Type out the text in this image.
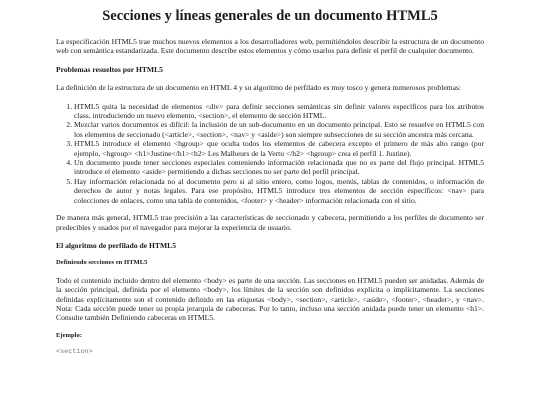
Secciones y líneas generales de un documento HTML5

La especificación HTML5 trae muchos nuevos elementos a los desarrolladores web, permitiéndoles describir la estructura de un documento web con semántica estandarizada. Este documento describe estos elementos y cómo usarlos para definir el perfil de cualquier documento.

Problemas resueltos por HTML5

La definición de la estructura de un documento en HTML 4 y su algoritmo de perfilado es muy tosco y genera numerosos problemas:

1. HTML5 quita la necesidad de elementos <div> para definir secciones semánticas sin definir valores específicos para los atributos class, introduciendo un nuevo elemento, <section>, el elemento de sección HTML.
2. Mezclar varios documentos es difícil: la inclusión de un sub-documento en un documento principal. Esto se resuelve en HTML5 con los elementos de seccionado (<article>, <section>, <nav> y <aside>) son siempre subsecciones de su sección ancestra más cercana.
3. HTML5 introduce el elemento <hgroup> que oculta todos los elementos de cabecera excepto el primero de más alto rango (por ejemplo, <hgroup> <h1>Justine</h1><h2> Les Malheurs de la Vertu </h2> <hgroup> crea el perfil 1. Justine).
4. Un documento puede tener secciones especiales conteniendo información relacionada que no es parte del flujo principal. HTML5 introduce el elemento <aside> permitiendo a dichas secciones no ser parte del perfil principal.
5. Hay información relacionada no al documento pero si al sitio entero, como logos, menús, tablas de contenidos, o información de derechos de autor y notas legales. Para ese propósito, HTML5 introduce tres elementos de sección específicos: <nav> para colecciones de enlaces, como una tabla de contenidos, <footer> y <header> información relacionada con el sitio.

De manera más general, HTML5 trae precisión a las características de seccionado y cabecera, permitiendo a los perfiles de documento ser predecibles y usados por el navegador para mejorar la experiencia de usuario.

El algoritmo de perfilado de HTML5
Definiendo secciones en HTML5

Todo el contenido incluido dentro del elemento <body> es parte de una sección. Las secciones en HTML5 pueden ser anidadas. Además de la sección principal, definida por el elemento <body>, los límites de la sección son definidos explícita o implícitamente. La secciones definidas explícitamente son el contenido definido en las etiquetas <body>, <section>, <article>, <aside>, <footer>, <header>, y <nav>. Nota: Cada sección puede tener su propia jerarquía de cabeceras. Por lo tanto, incluso una sección anidada puede tener un elemento <h1>. Consulte también Definiendo cabeceras en HTML5.

Ejemplo:

<section>
